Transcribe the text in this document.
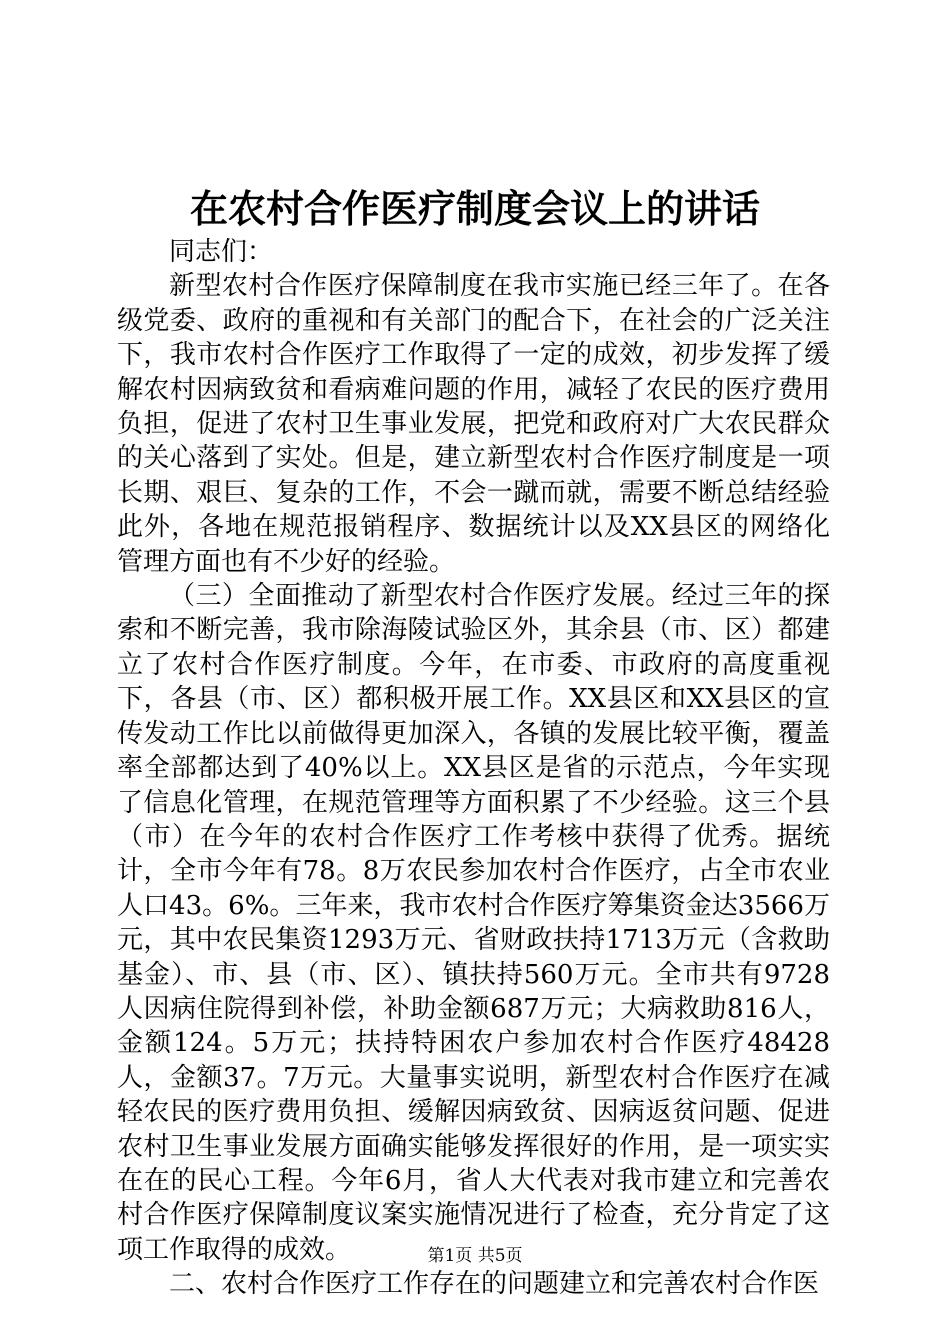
在农村合作医疗制度会议上的讲话

同志们：

新型农村合作医疗保障制度在我市实施已经三年了。在各级党委、政府的重视和有关部门的配合下，在社会的广泛关注下，我市农村合作医疗工作取得了一定的成效，初步发挥了缓解农村因病致贫和看病难问题的作用，减轻了农民的医疗费用负担，促进了农村卫生事业发展，把党和政府对广大农民群众的关心落到了实处。但是，建立新型农村合作医疗制度是一项长期、艰巨、复杂的工作，不会一蹴而就，需要不断总结经验此外，各地在规范报销程序、数据统计以及XX县区的网络化管理方面也有不少好的经验。

（三）全面推动了新型农村合作医疗发展。经过三年的探索和不断完善，我市除海陵试验区外，其余县（市、区）都建立了农村合作医疗制度。今年，在市委、市政府的高度重视下，各县（市、区）都积极开展工作。XX县区和XX县区的宣传发动工作比以前做得更加深入，各镇的发展比较平衡，覆盖率全部都达到了40%以上。XX县区是省的示范点，今年实现了信息化管理，在规范管理等方面积累了不少经验。这三个县（市）在今年的农村合作医疗工作考核中获得了优秀。据统计，全市今年有78。8万农民参加农村合作医疗，占全市农业人口43。6%。三年来，我市农村合作医疗筹集资金达3566万元，其中农民集资1293万元、省财政扶持1713万元（含救助基金）、市、县（市、区）、镇扶持560万元。全市共有9728人因病住院得到补偿，补助金额687万元；大病救助816人，金额124。5万元；扶持特困农户参加农村合作医疗48428人，金额37。7万元。大量事实说明，新型农村合作医疗在减轻农民的医疗费用负担、缓解因病致贫、因病返贫问题、促进农村卫生事业发展方面确实能够发挥很好的作用，是一项实实在在的民心工程。今年6月，省人大代表对我市建立和完善农村合作医疗保障制度议案实施情况进行了检查，充分肯定了这项工作取得的成效。

二、农村合作医疗工作存在的问题建立和完善农村合作医

第1页 共5页
